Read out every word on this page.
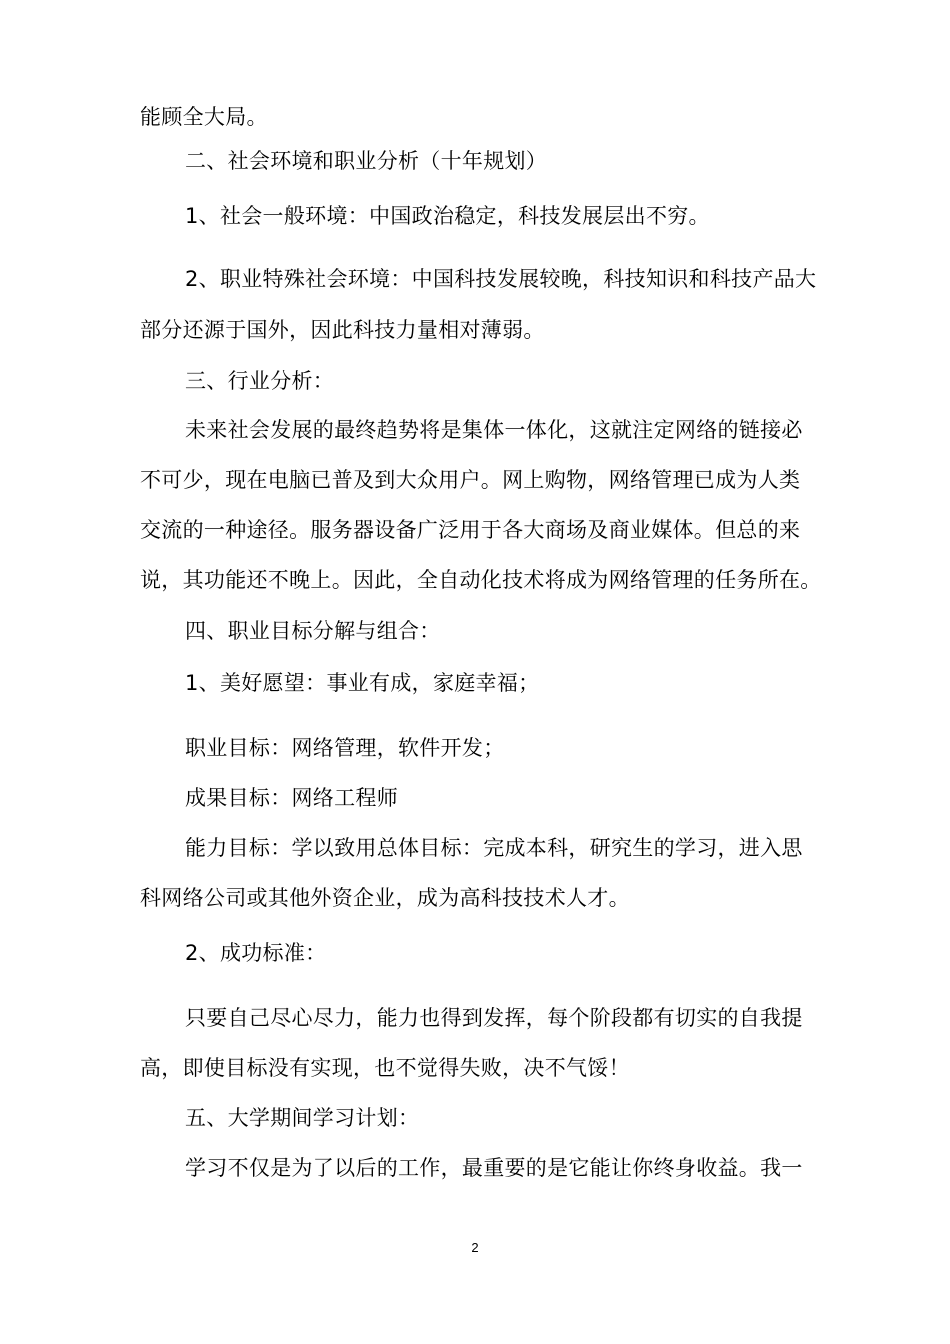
能顾全大局。
二、社会环境和职业分析（十年规划）
1、社会一般环境：中国政治稳定，科技发展层出不穷。
2、职业特殊社会环境：中国科技发展较晚，科技知识和科技产品大
部分还源于国外，因此科技力量相对薄弱。
三、行业分析：
未来社会发展的最终趋势将是集体一体化，这就注定网络的链接必
不可少，现在电脑已普及到大众用户。网上购物，网络管理已成为人类
交流的一种途径。服务器设备广泛用于各大商场及商业媒体。但总的来
说，其功能还不晚上。因此，全自动化技术将成为网络管理的任务所在。
四、职业目标分解与组合：
1、美好愿望：事业有成，家庭幸福；
职业目标：网络管理，软件开发；
成果目标：网络工程师
能力目标：学以致用总体目标：完成本科，研究生的学习，进入思
科网络公司或其他外资企业，成为高科技技术人才。
2、成功标准：
只要自己尽心尽力，能力也得到发挥，每个阶段都有切实的自我提
高，即使目标没有实现，也不觉得失败，决不气馁！
五、大学期间学习计划：
学习不仅是为了以后的工作，最重要的是它能让你终身收益。我一
2
